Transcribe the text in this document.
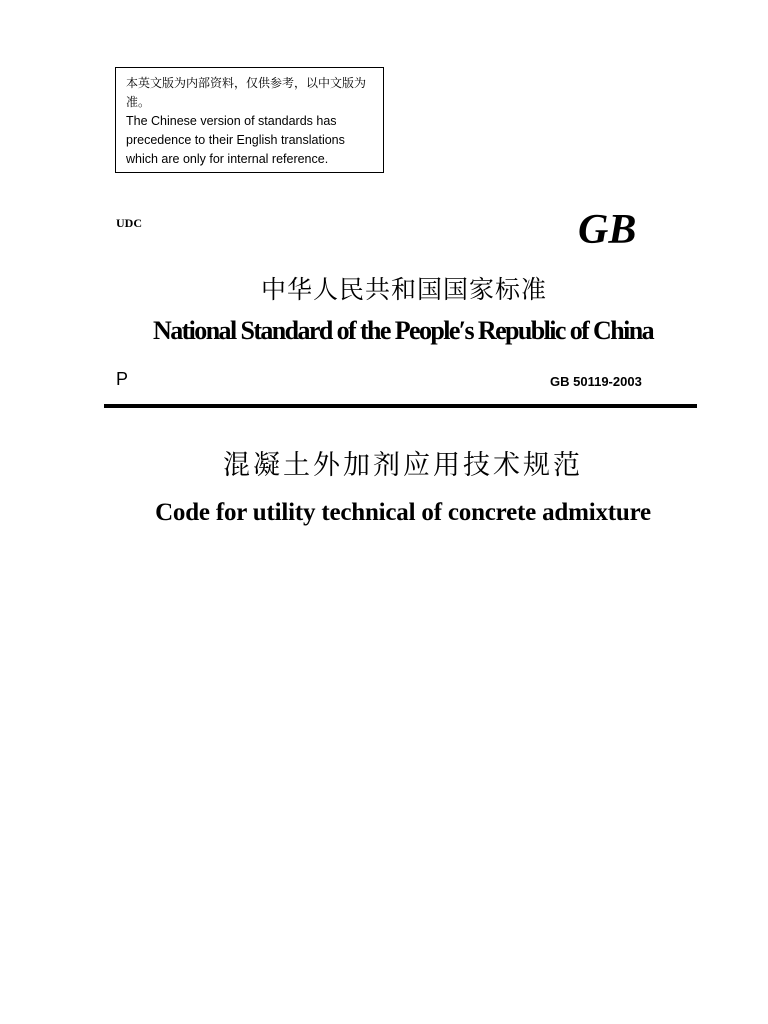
本英文版为内部资料，仅供参考，以中文版为准。

The Chinese version of standards has

precedence to their English translations

which are only for internal reference.

UDC	GB
中华人民共和国国家标准
National Standard of the People′s Republic of China
P	GB 50119-2003
混凝土外加剂应用技术规范
Code for utility technical of concrete admixture
